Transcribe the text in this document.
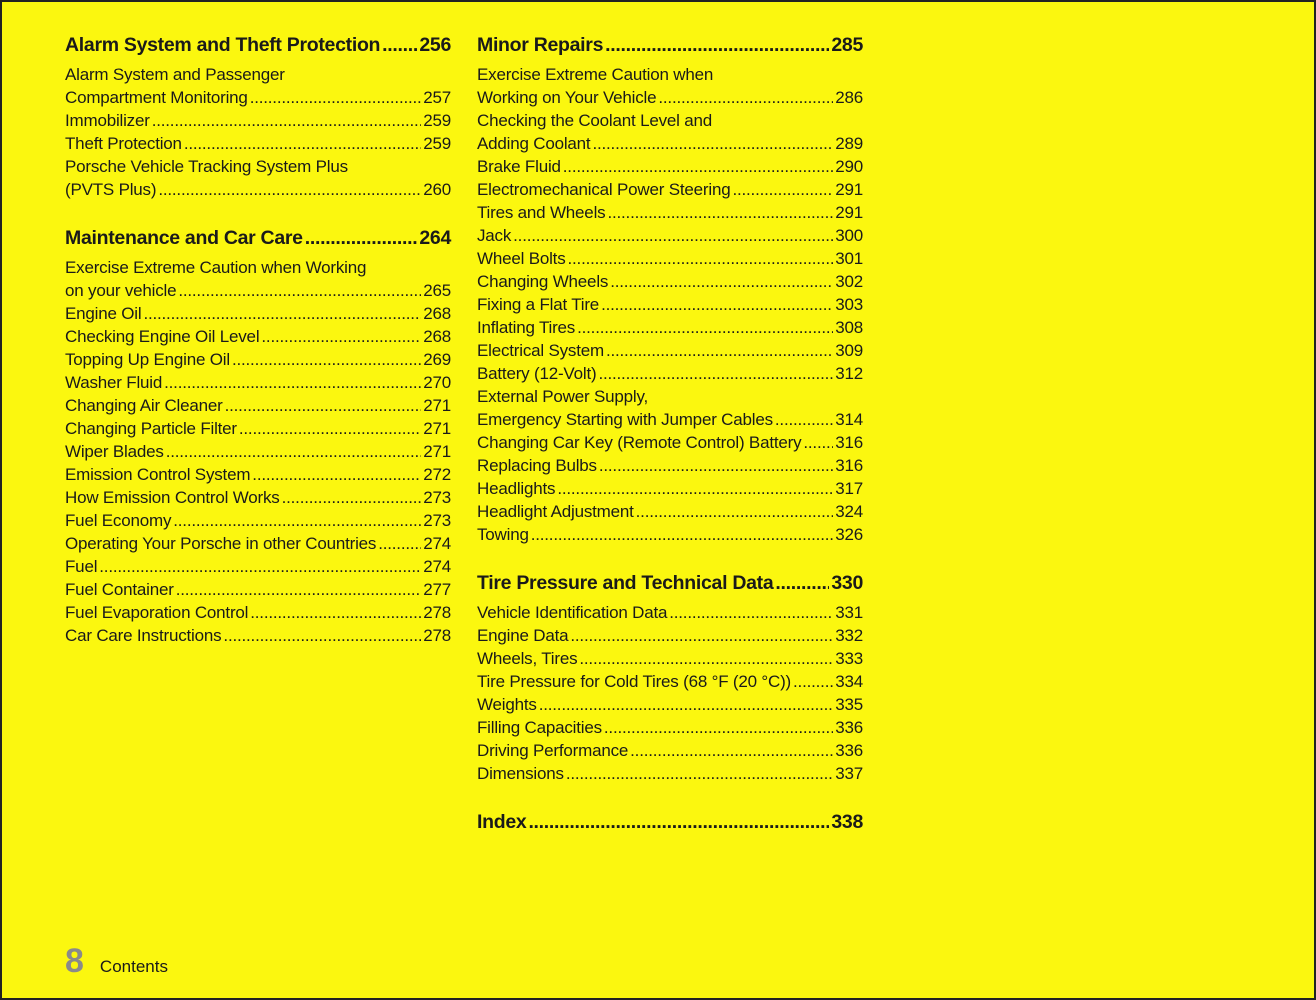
Alarm System and Theft Protection ..... 256
Alarm System and Passenger
Compartment Monitoring .....	257
Immobilizer .....	259
Theft Protection .....	259
Porsche Vehicle Tracking System Plus
(PVTS Plus) .....	260
Maintenance and Car Care .....	264
Exercise Extreme Caution when Working
on your vehicle .....	265
Engine Oil .....	268
Checking Engine Oil Level .....	268
Topping Up Engine Oil .....	269
Washer Fluid .....	270
Changing Air Cleaner .....	271
Changing Particle Filter .....	271
Wiper Blades .....	271
Emission Control System .....	272
How Emission Control Works .....	273
Fuel Economy .....	273
Operating Your Porsche in other Countries .....	274
Fuel .....	274
Fuel Container .....	277
Fuel Evaporation Control .....	278
Car Care Instructions .....	278
Minor Repairs .....	285
Exercise Extreme Caution when
Working on Your Vehicle .....	286
Checking the Coolant Level and
Adding Coolant .....	289
Brake Fluid .....	290
Electromechanical Power Steering .....	291
Tires and Wheels .....	291
Jack .....	300
Wheel Bolts .....	301
Changing Wheels .....	302
Fixing a Flat Tire .....	303
Inflating Tires .....	308
Electrical System .....	309
Battery (12-Volt) .....	312
External Power Supply,
Emergency Starting with Jumper Cables .....	314
Changing Car Key (Remote Control) Battery ..... 316
Replacing Bulbs .....	316
Headlights .....	317
Headlight Adjustment .....	324
Towing .....	326
Tire Pressure and Technical Data .....	330
Vehicle Identification Data .....	331
Engine Data .....	332
Wheels, Tires .....	333
Tire Pressure for Cold Tires (68 °F (20 °C)) .....	334
Weights .....	335
Filling Capacities .....	336
Driving Performance .....	336
Dimensions .....	337
Index .....	338
8 Contents
